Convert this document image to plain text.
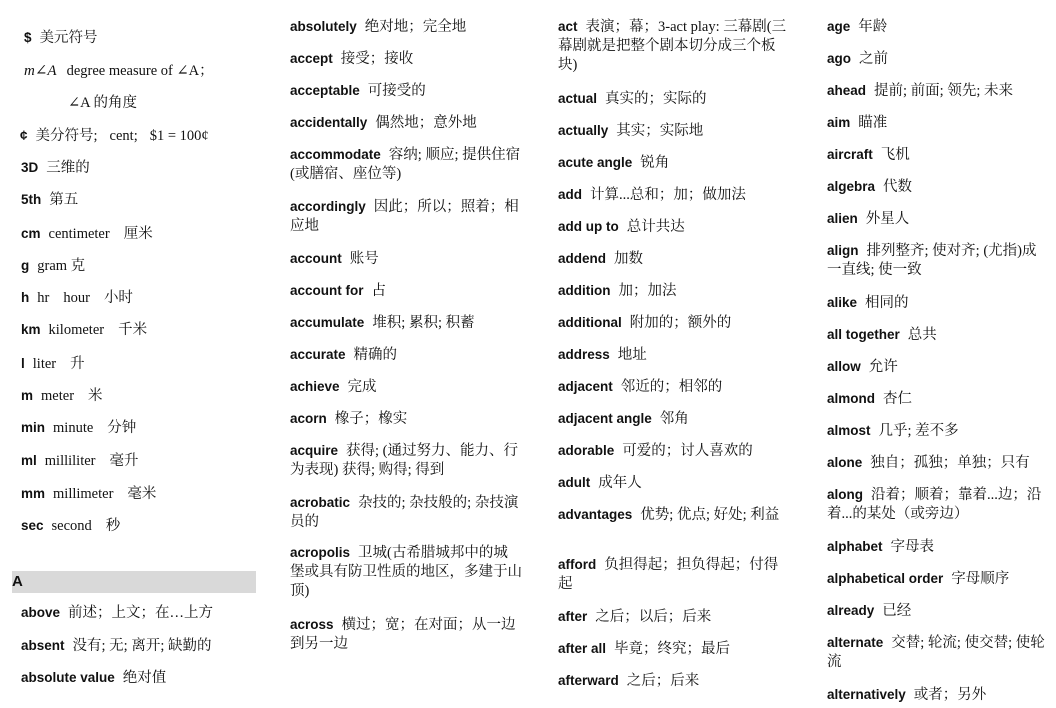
$ 美元符号
m∠A degree measure of ∠A；
∠A 的角度
¢ 美分符号; cent; $1 = 100¢
3D 三维的
5th 第五
cm centimeter 厘米
g gram 克
h hr hour 小时
km kilometer 千米
l liter 升
m meter 米
min minute 分钟
ml milliliter 毫升
mm millimeter 毫米
sec second 秒
A
above 前述；上文；在…上方
absent 没有; 无; 离开; 缺勤的
absolute value 绝对值
absolutely 绝对地；完全地
accept 接受；接收
acceptable 可接受的
accidentally 偶然地；意外地
accommodate 容纳; 顺应; 提供住宿(或膳宿、座位等)
accordingly 因此；所以；照着；相应地
account 账号
account for 占
accumulate 堆积; 累积; 积蓄
accurate 精确的
achieve 完成
acorn 橡子；橡实
acquire 获得; (通过努力、能力、行为表现) 获得; 购得; 得到
acrobatic 杂技的; 杂技般的; 杂技演员的
acropolis 卫城(古希腊城邦中的城堡或具有防卫性质的地区，多建于山顶)
across 横过；宽；在对面；从一边到另一边
act 表演；幕；3-act play: 三幕剧(三幕剧就是把整个剧本切分成三个板块)
actual 真实的；实际的
actually 其实；实际地
acute angle 锐角
add 计算...总和；加；做加法
add up to 总计共达
addend 加数
addition 加；加法
additional 附加的；额外的
address 地址
adjacent 邻近的；相邻的
adjacent angle 邻角
adorable 可爱的；讨人喜欢的
adult 成年人
advantages 优势; 优点; 好处; 利益
afford 负担得起；担负得起；付得起
after 之后；以后；后来
after all 毕竟；终究；最后
afterward 之后；后来
age 年龄
ago 之前
ahead 提前; 前面; 领先; 未来
aim 瞄准
aircraft 飞机
algebra 代数
alien 外星人
align 排列整齐; 使对齐; (尤指)成一直线; 使一致
alike 相同的
all together 总共
allow 允许
almond 杏仁
almost 几乎; 差不多
alone 独自；孤独；单独；只有
along 沿着；顺着；靠着...边；沿着...的某处（或旁边）
alphabet 字母表
alphabetical order 字母顺序
already 已经
alternate 交替; 轮流; 使交替; 使轮流
alternatively 或者；另外
